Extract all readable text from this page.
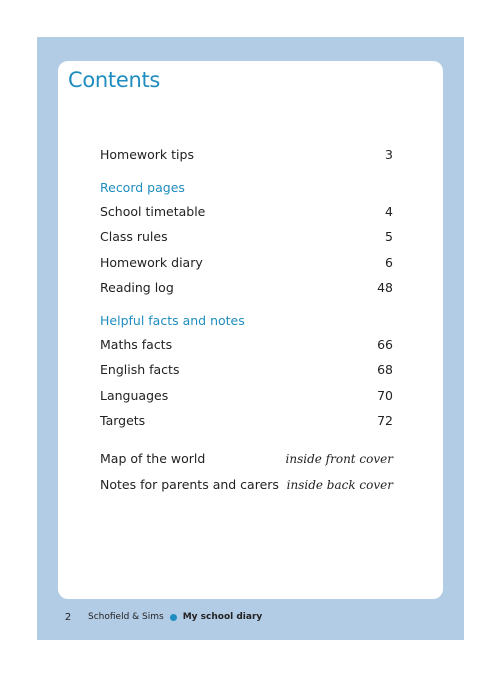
Contents
Homework tips	3
Record pages
School timetable	4
Class rules	5
Homework diary	6
Reading log	48
Helpful facts and notes
Maths facts	66
English facts	68
Languages	70
Targets	72
Map of the world	inside front cover
Notes for parents and carers inside back cover
2	Schofield & Sims My school diary
